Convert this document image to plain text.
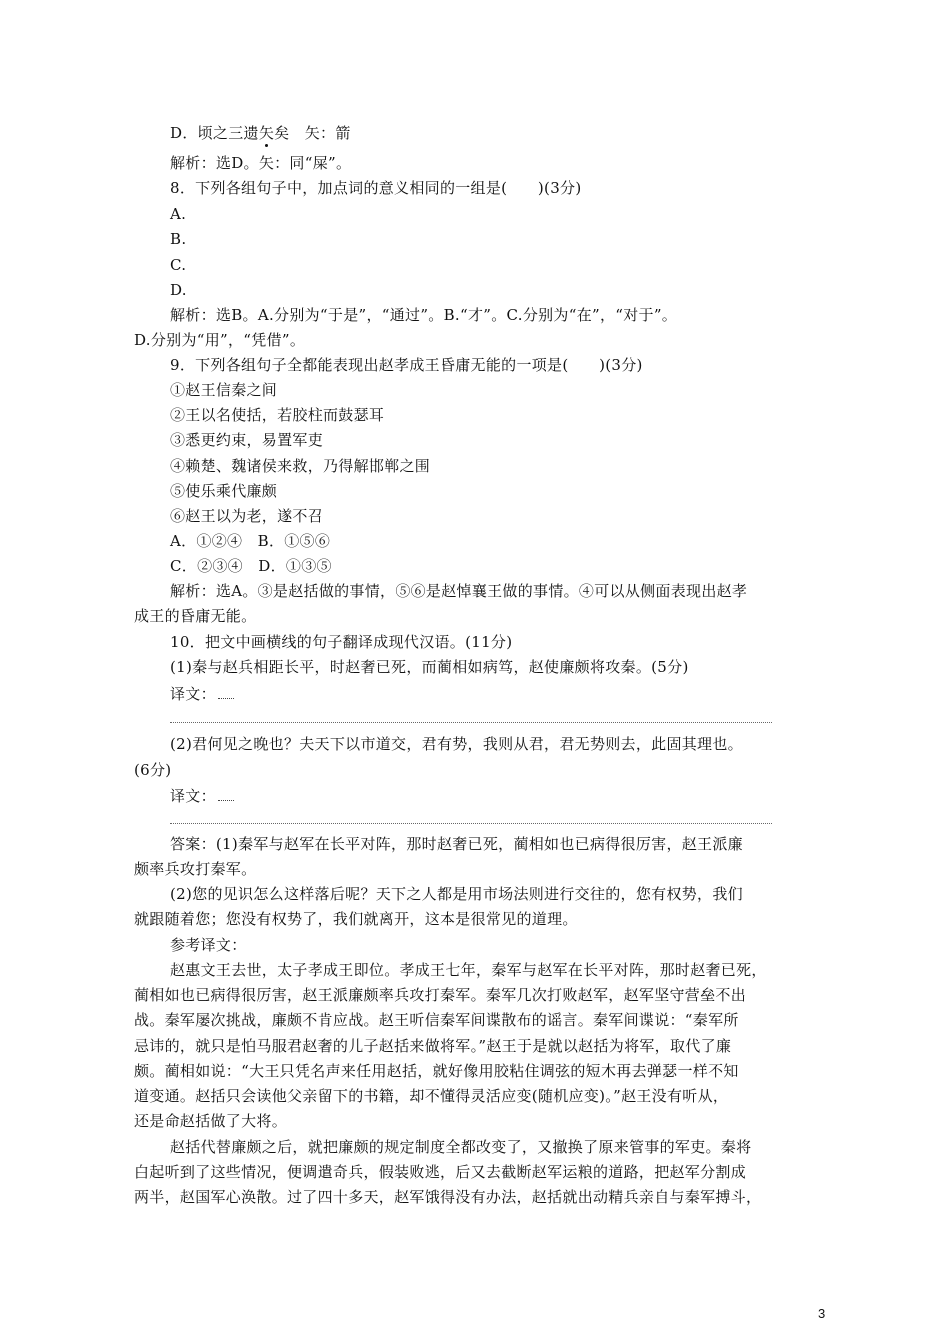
D．顷之三遗矢矣　矢：箭
解析：选D。矢：同“屎”。
8．下列各组句子中，加点词的意义相同的一组是(　　)(3分)
A.
B.
C.
D.
解析：选B。A.分别为“于是”，“通过”。B.“才”。C.分别为“在”，“对于”。
D.分别为“用”，“凭借”。
9．下列各组句子全都能表现出赵孝成王昏庸无能的一项是(　　)(3分)
①赵王信秦之间
②王以名使括，若胶柱而鼓瑟耳
③悉更约束，易置军吏
④赖楚、魏诸侯来救，乃得解邯郸之围
⑤使乐乘代廉颇
⑥赵王以为老，遂不召
A．①②④　B．①⑤⑥
C．②③④　D．①③⑤
解析：选A。③是赵括做的事情，⑤⑥是赵悼襄王做的事情。④可以从侧面表现出赵孝
成王的昏庸无能。
10．把文中画横线的句子翻译成现代汉语。(11分)
(1)秦与赵兵相距长平，时赵奢已死，而蔺相如病笃，赵使廉颇将攻秦。(5分)
译文：
(2)君何见之晚也？夫天下以市道交，君有势，我则从君，君无势则去，此固其理也。
(6分)
译文：
答案：(1)秦军与赵军在长平对阵，那时赵奢已死，蔺相如也已病得很厉害，赵王派廉
颇率兵攻打秦军。
(2)您的见识怎么这样落后呢？天下之人都是用市场法则进行交往的，您有权势，我们
就跟随着您；您没有权势了，我们就离开，这本是很常见的道理。
参考译文：
赵惠文王去世，太子孝成王即位。孝成王七年，秦军与赵军在长平对阵，那时赵奢已死，
蔺相如也已病得很厉害，赵王派廉颇率兵攻打秦军。秦军几次打败赵军，赵军坚守营垒不出
战。秦军屡次挑战，廉颇不肯应战。赵王听信秦军间谍散布的谣言。秦军间谍说：“秦军所
忌讳的，就只是怕马服君赵奢的儿子赵括来做将军。”赵王于是就以赵括为将军，取代了廉
颇。蔺相如说：“大王只凭名声来任用赵括，就好像用胶粘住调弦的短木再去弹瑟一样不知
道变通。赵括只会读他父亲留下的书籍，却不懂得灵活应变(随机应变)。”赵王没有听从，
还是命赵括做了大将。
赵括代替廉颇之后，就把廉颇的规定制度全都改变了，又撤换了原来管事的军吏。秦将
白起听到了这些情况，便调遣奇兵，假装败逃，后又去截断赵军运粮的道路，把赵军分割成
两半，赵国军心涣散。过了四十多天，赵军饿得没有办法，赵括就出动精兵亲自与秦军搏斗，
3
